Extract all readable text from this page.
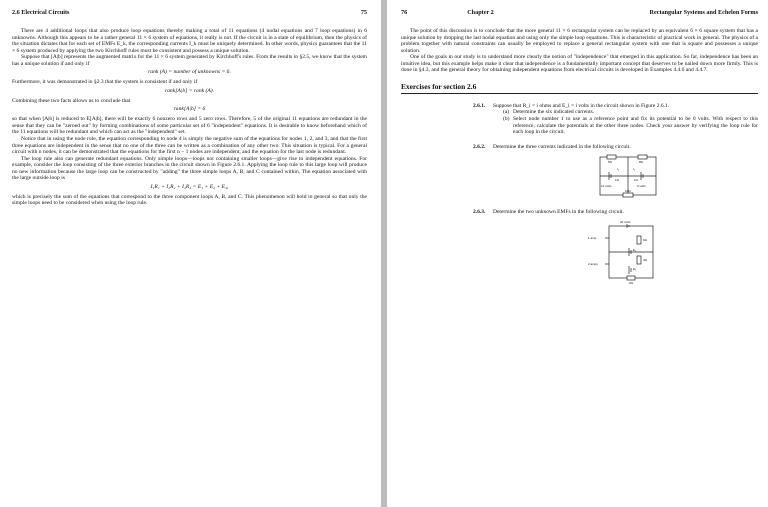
2.6 Electrical Circuits	75

There are 4 additional loops that also produce loop equations thereby making a total of 11 equations (4 nodal equations and 7 loop equations) in 6 unknowns. Although this appears to be a rather general 11 × 6 system of equations, it really is not. If the circuit is in a state of equilibrium, then the physics of the situation dictates that for each set of EMFs E_k, the corresponding currents I_k must be uniquely determined. In other words, physics guarantees that the 11 × 6 system produced by applying the two Kirchhoff rules must be consistent and possess a unique solution.

Suppose that [A|b] represents the augmented matrix for the 11 × 6 system generated by Kirchhoff's rules. From the results in §2.5, we know that the system has a unique solution if and only if

rank (A) = number of unknowns = 6.

Furthermore, it was demonstrated in §2.3 that the system is consistent if and only if

rank[A|b] = rank (A).

Combining these two facts allows us to conclude that

rank[A|b] = 6

so that when [A|b] is reduced to E[A|b], there will be exactly 6 nonzero rows and 5 zero rows. Therefore, 5 of the original 11 equations are redundant in the sense that they can be "zeroed out" by forming combinations of some particular set of 6 "independent" equations. It is desirable to know beforehand which of the 11 equations will be redundant and which can act as the "independent" set.

Notice that in using the node rule, the equation corresponding to node 4 is simply the negative sum of the equations for nodes 1, 2, and 3, and that the first three equations are independent in the sense that no one of the three can be written as a combination of any other two. This situation is typical. For a general circuit with n nodes, it can be demonstrated that the equations for the first n − 1 nodes are independent, and the equation for the last node is redundant.

The loop rule also can generate redundant equations. Only simple loops—loops not containing smaller loops—give rise to independent equations. For example, consider the loop consisting of the three exterior branches in the circuit shown in Figure 2.6.1. Applying the loop rule to this large loop will produce no new information because the large loop can be constructed by "adding" the three simple loops A, B, and C contained within. The equation associated with the large outside loop is

I₁R₁ + I₂R₂ + I₄R₄ = E₁ + E₂ + E₄,

which is precisely the sum of the equations that correspond to the three component loops A, B, and C. This phenomenon will hold in general so that only the simple loops need to be considered when using the loop rule.

76	Chapter 2	Rectangular Systems and Echelon Forms

The point of this discussion is to conclude that the more general 11 × 6 rectangular system can be replaced by an equivalent 6 × 6 square system that has a unique solution by dropping the last nodal equation and using only the simple loop equations. This is characteristic of practical work in general. The physics of a problem together with natural constraints can usually be employed to replace a general rectangular system with one that is square and possesses a unique solution.

One of the goals in our study is to understand more clearly the notion of "independence" that emerged in this application. So far, independence has been an intuitive idea, but this example helps make it clear that independence is a fundamentally important concept that deserves to be nailed down more firmly. This is done in §4.3, and the general theory for obtaining independent equations from electrical circuits is developed in Examples 4.4.6 and 4.4.7.

Exercises for section 2.6
2.6.1.	Suppose that R_i = i ohms and E_i = i volts in the circuit shown in Figure 2.6.1.
(a) Determine the six indicated currents.
(b) Select node number 1 to use as a reference point and fix its potential to be 0 volts. With respect to this reference, calculate the potentials at the other three nodes. Check your answer by verifying the loop rule for each loop in the circuit.
2.6.2.	Determine the three currents indicated in the following circuit.
5Ω	8Ω
I₁	I₂
1Ω	1Ω
12 volts	9 volts
10Ω
2.6.3.	Determine the two unknown EMFs in the following circuit.
20 volts
1 amp
2 amps
6Ω
4Ω
E₁
E₂
2Ω
